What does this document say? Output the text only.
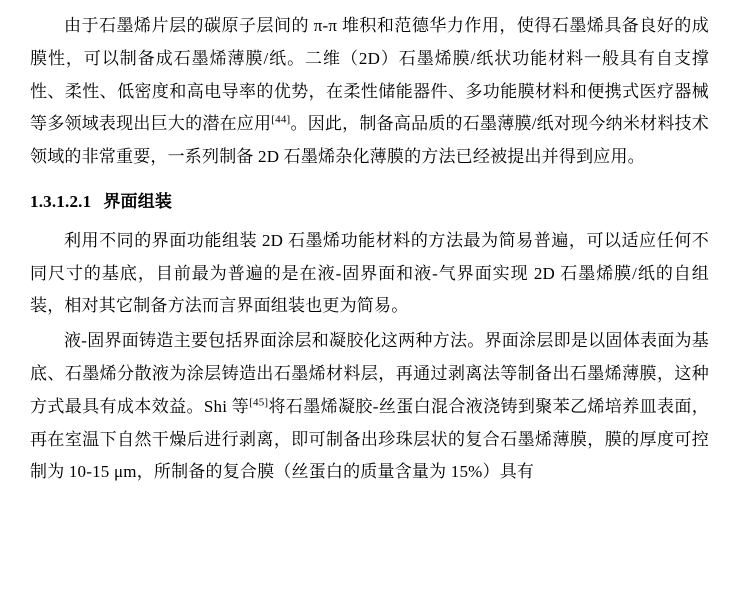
由于石墨烯片层的碳原子层间的 π-π 堆积和范德华力作用，使得石墨烯具备良好的成膜性，可以制备成石墨烯薄膜/纸。二维（2D）石墨烯膜/纸状功能材料一般具有自支撑性、柔性、低密度和高电导率的优势，在柔性储能器件、多功能膜材料和便携式医疗器械等多领域表现出巨大的潜在应用[44]。因此，制备高品质的石墨薄膜/纸对现今纳米材料技术领域的非常重要，一系列制备 2D 石墨烯杂化薄膜的方法已经被提出并得到应用。

1.3.1.2.1 界面组装

利用不同的界面功能组装 2D 石墨烯功能材料的方法最为简易普遍，可以适应任何不同尺寸的基底，目前最为普遍的是在液-固界面和液-气界面实现 2D 石墨烯膜/纸的自组装，相对其它制备方法而言界面组装也更为简易。

液-固界面铸造主要包括界面涂层和凝胶化这两种方法。界面涂层即是以固体表面为基底、石墨烯分散液为涂层铸造出石墨烯材料层，再通过剥离法等制备出石墨烯薄膜，这种方式最具有成本效益。Shi 等[45]将石墨烯凝胶-丝蛋白混合液浇铸到聚苯乙烯培养皿表面，再在室温下自然干燥后进行剥离，即可制备出珍珠层状的复合石墨烯薄膜，膜的厚度可控制为 10-15 μm，所制备的复合膜（丝蛋白的质量含量为 15%）具有
